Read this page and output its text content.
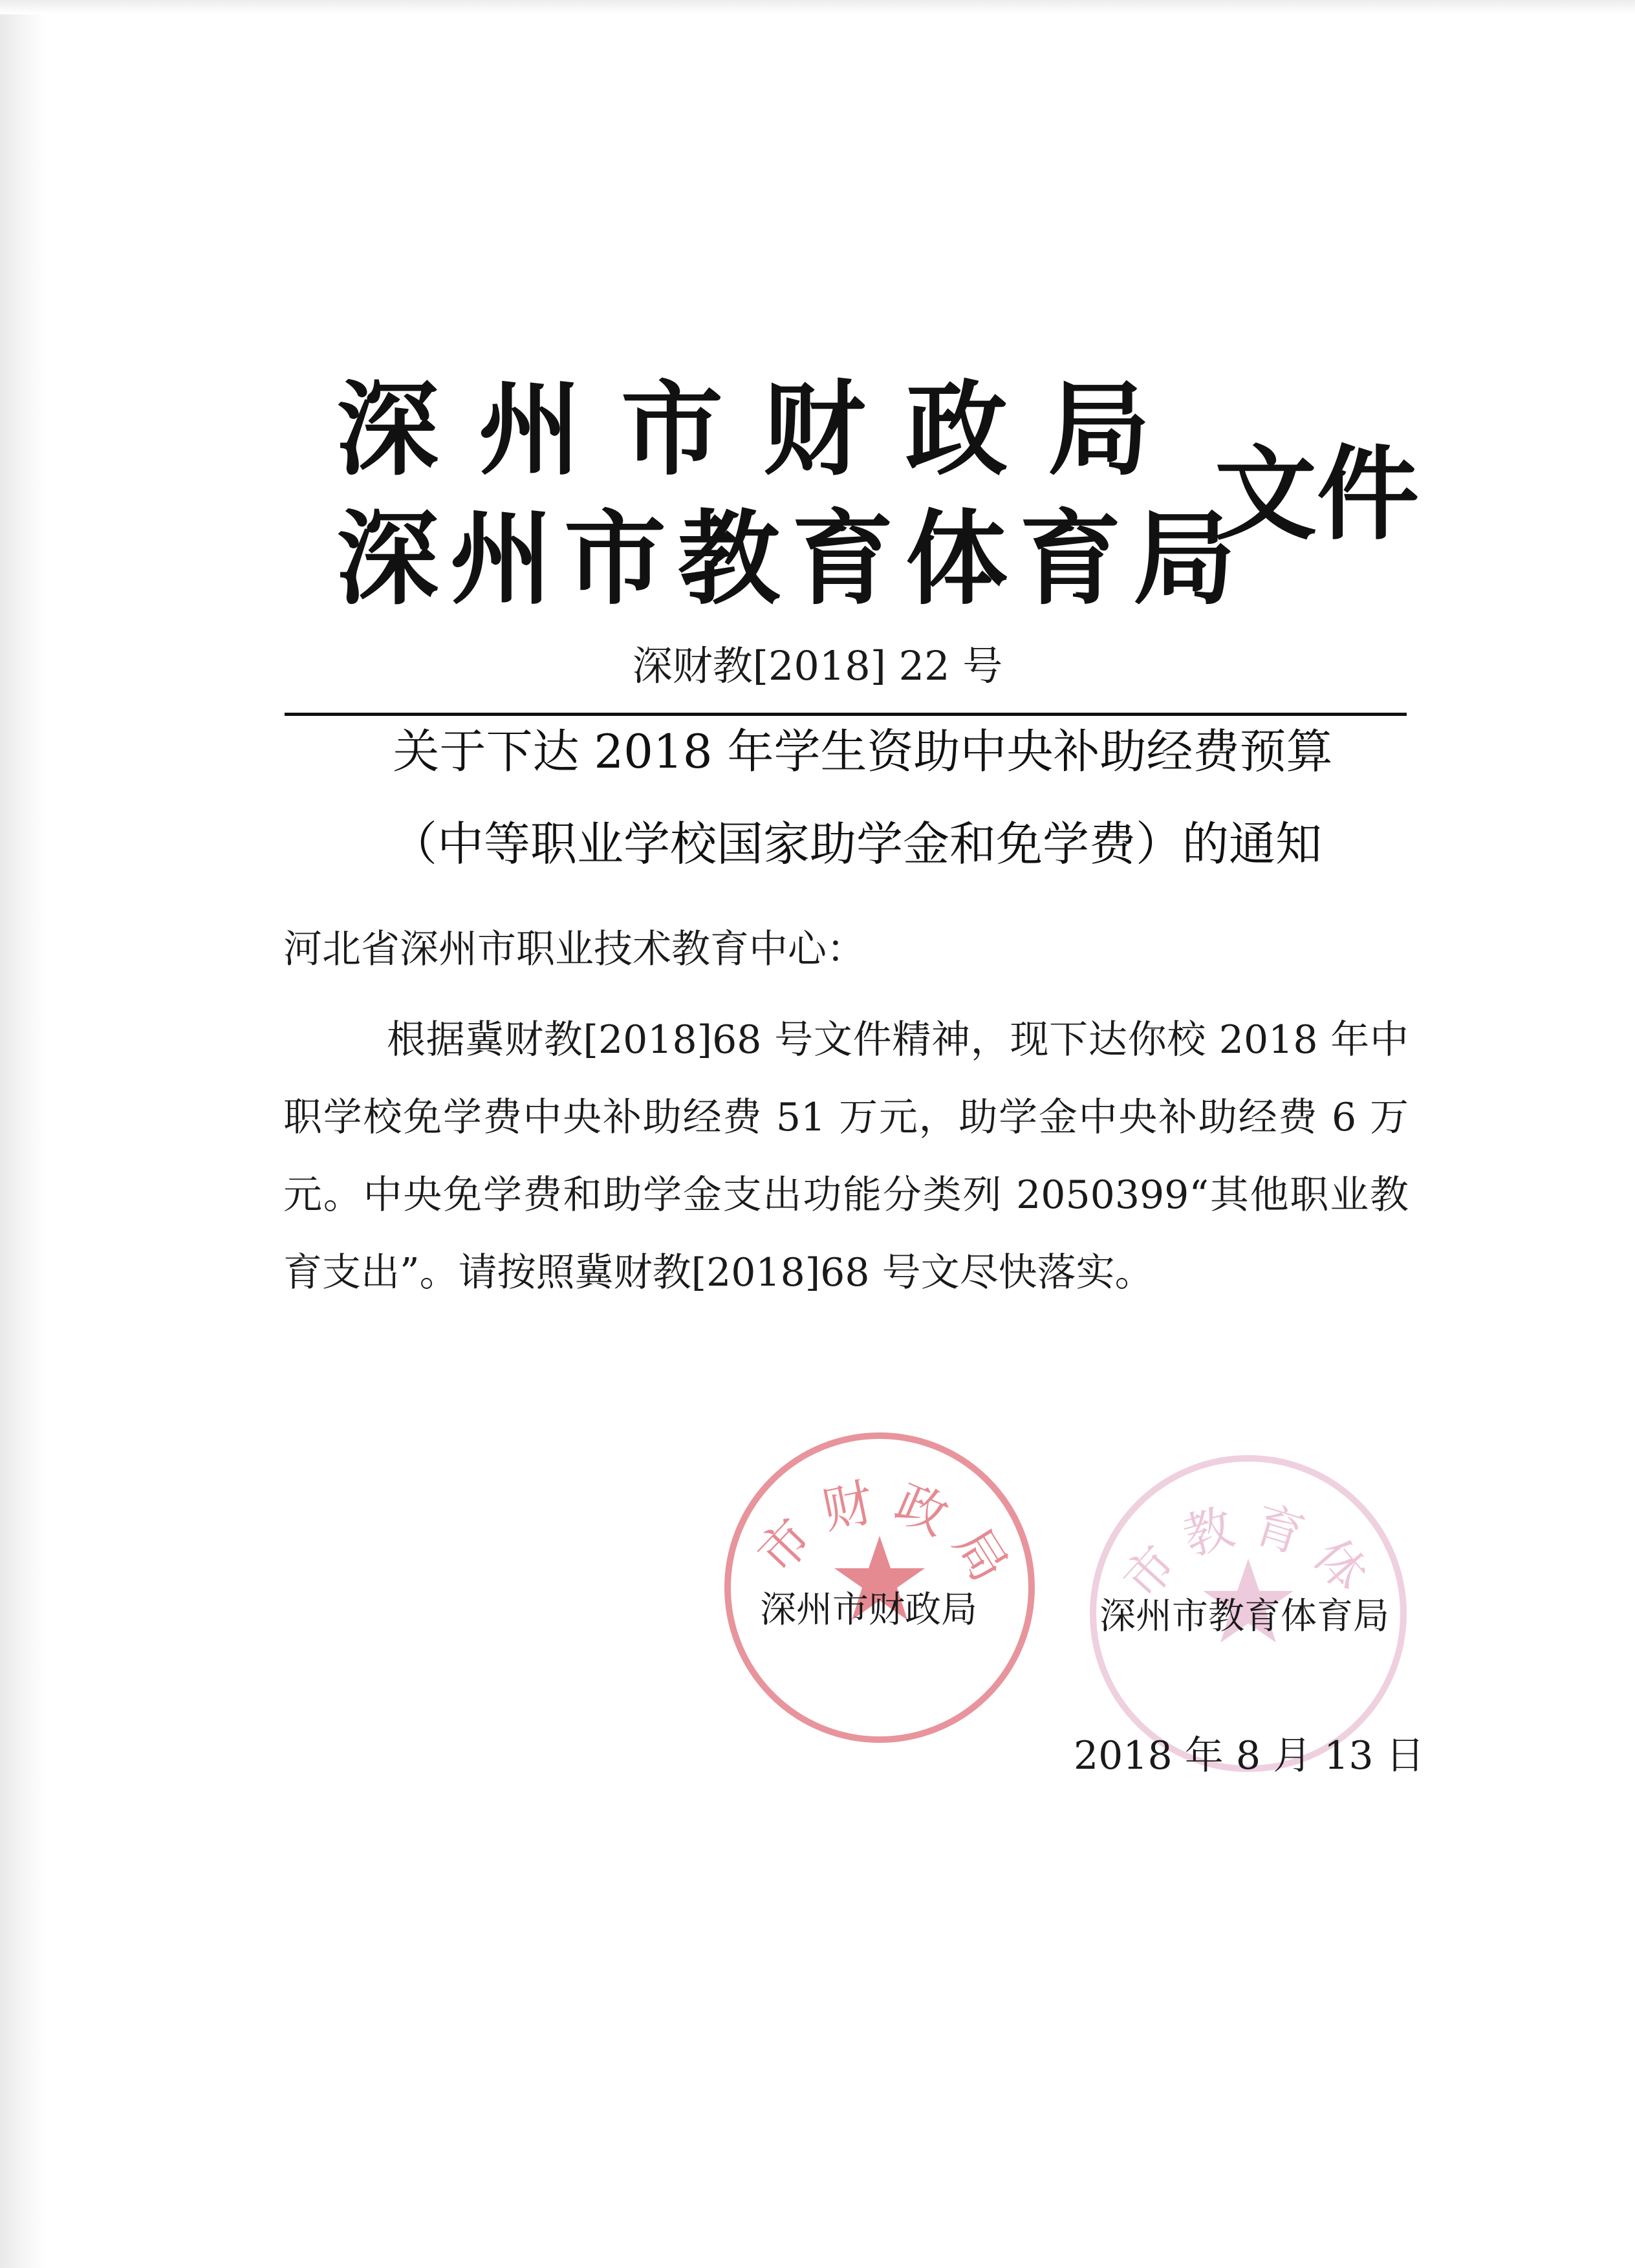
深州市财政局
深州市教育体育局
文件
深财教[2018] 22 号
关于下达 2018 年学生资助中央补助经费预算
（中等职业学校国家助学金和免学费）的通知
河北省深州市职业技术教育中心：
根据冀财教[2018]68 号文件精神，现下达你校 2018 年中职学校免学费中央补助经费 51 万元，助学金中央补助经费 6 万元。中央免学费和助学金支出功能分类列 2050399“其他职业教育支出”。请按照冀财教[2018]68 号文尽快落实。
市财政局 市教育体
深州市财政局	深州市教育体育局
2018 年 8 月 13 日
